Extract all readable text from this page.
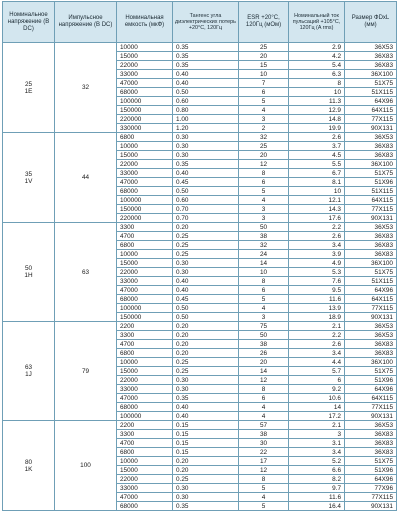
Номинальное напряжение (В DC)	Импульсное напряжение (В DC)	Номинальная емкость (мкФ)	Тангенс угла диэлектрических потерь +20°C, 120Гц	ESR +20°C, 120Гц (мОм)	Номинальный ток пульсаций +105°C, 120Гц (A rms)	Размер ФDxL (мм)

25
1E	32	10000	0.35	25	2.9	36X53
		15000	0.35	20	4.2	36X83
		22000	0.35	15	5.4	36X83
		33000	0.40	10	6.3	36X100
		47000	0.40	7	8	51X75
		68000	0.50	6	10	51X115
		100000	0.60	5	11.3	64X96
		150000	0.80	4	12.9	64X115
		220000	1.00	3	14.8	77X115
		330000	1.20	2	19.9	90X131

35
1V	44	6800	0.30	32	2.6	36X53
		10000	0.30	25	3.7	36X83
		15000	0.30	20	4.5	36X83
		22000	0.35	12	5.5	36X100
		33000	0.40	8	6.7	51X75
		47000	0.45	6	8.1	51X96
		68000	0.50	5	10	51X115
		100000	0.60	4	12.1	64X115
		150000	0.70	3	14.3	77X115
		220000	0.70	3	17.6	90X131

50
1H	63	3300	0.20	50	2.2	36X53
		4700	0.25	38	2.6	36X83
		6800	0.25	32	3.4	36X83
		10000	0.25	24	3.9	36X83
		15000	0.30	14	4.9	36X100
		22000	0.30	10	5.3	51X75
		33000	0.40	8	7.6	51X115
		47000	0.40	6	9.5	64X96
		68000	0.45	5	11.6	64X115
		100000	0.50	4	13.9	77X115
		150000	0.50	3	18.9	90X131

63
1J	79	2200	0.20	75	2.1	36X53
		3300	0.20	50	2.2	36X53
		4700	0.20	38	2.6	36X83
		6800	0.20	26	3.4	36X83
		10000	0.25	20	4.4	36X100
		15000	0.25	14	5.7	51X75
		22000	0.30	12	6	51X96
		33000	0.30	8	9.2	64X96
		47000	0.35	6	10.6	64X115
		68000	0.40	4	14	77X115
		100000	0.40	4	17.2	90X131

80
1K	100	2200	0.15	57	2.1	36X53
		3300	0.15	38	3	36X83
		4700	0.15	30	3.1	36X83
		6800	0.15	22	3.4	36X83
		10000	0.20	17	5.2	51X75
		15000	0.20	12	6.6	51X96
		22000	0.25	8	8.2	64X96
		33000	0.30	5	9.7	77X96
		47000	0.30	4	11.6	77X115
		68000	0.35	5	16.4	90X131
